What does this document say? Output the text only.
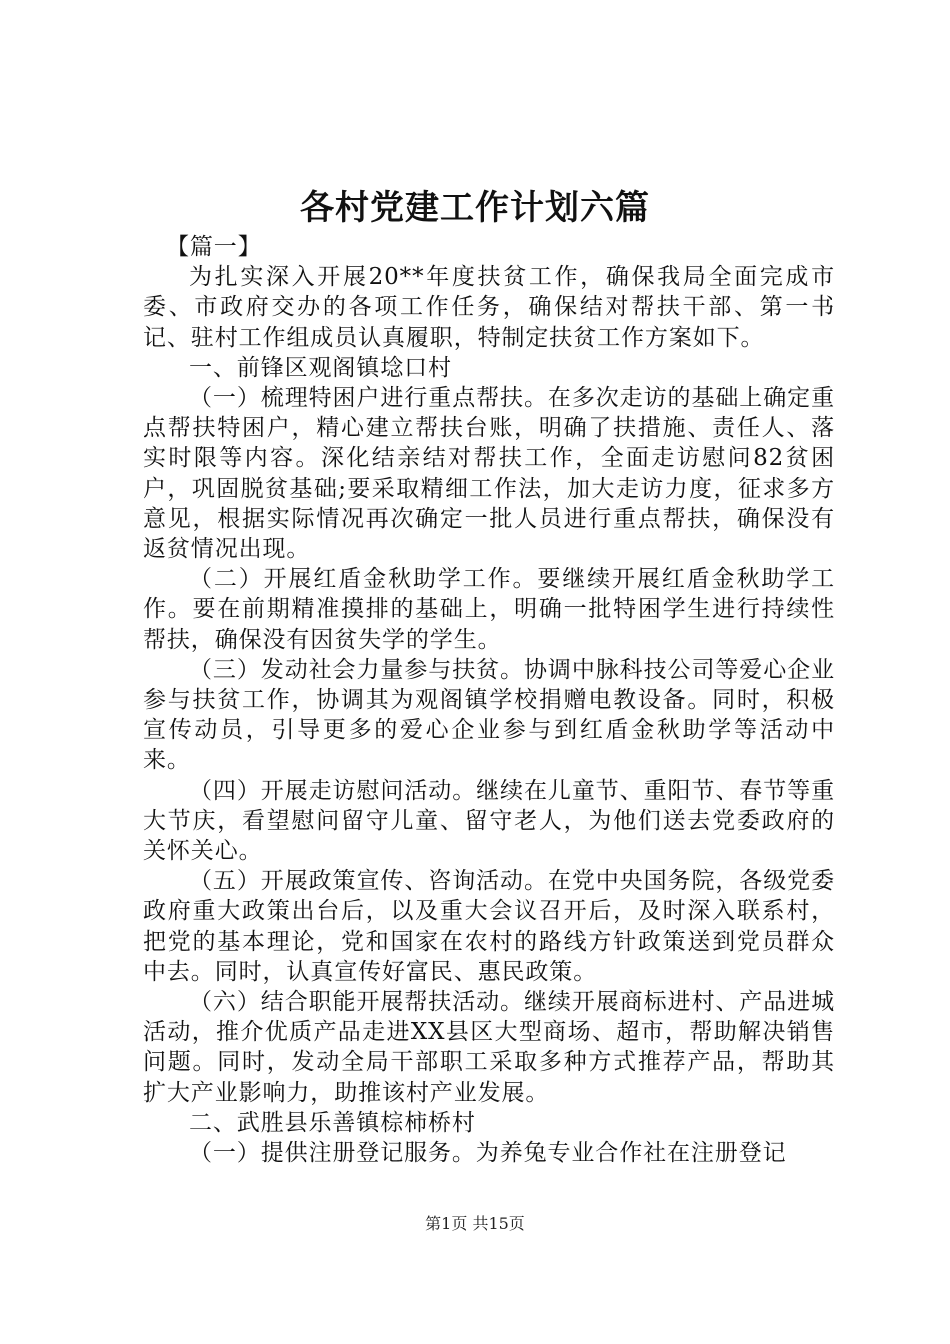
各村党建工作计划六篇

【篇一】

为扎实深入开展20**年度扶贫工作，确保我局全面完成市委、市政府交办的各项工作任务，确保结对帮扶干部、第一书记、驻村工作组成员认真履职，特制定扶贫工作方案如下。

一、前锋区观阁镇埝口村

（一）梳理特困户进行重点帮扶。在多次走访的基础上确定重点帮扶特困户，精心建立帮扶台账，明确了扶措施、责任人、落实时限等内容。深化结亲结对帮扶工作，全面走访慰问82贫困户，巩固脱贫基础;要采取精细工作法，加大走访力度，征求多方意见，根据实际情况再次确定一批人员进行重点帮扶，确保没有返贫情况出现。

（二）开展红盾金秋助学工作。要继续开展红盾金秋助学工作。要在前期精准摸排的基础上，明确一批特困学生进行持续性帮扶，确保没有因贫失学的学生。

（三）发动社会力量参与扶贫。协调中脉科技公司等爱心企业参与扶贫工作，协调其为观阁镇学校捐赠电教设备。同时，积极宣传动员，引导更多的爱心企业参与到红盾金秋助学等活动中来。

（四）开展走访慰问活动。继续在儿童节、重阳节、春节等重大节庆，看望慰问留守儿童、留守老人，为他们送去党委政府的关怀关心。

（五）开展政策宣传、咨询活动。在党中央国务院，各级党委政府重大政策出台后，以及重大会议召开后，及时深入联系村，把党的基本理论，党和国家在农村的路线方针政策送到党员群众中去。同时，认真宣传好富民、惠民政策。

（六）结合职能开展帮扶活动。继续开展商标进村、产品进城活动，推介优质产品走进XX县区大型商场、超市，帮助解决销售问题。同时，发动全局干部职工采取多种方式推荐产品，帮助其扩大产业影响力，助推该村产业发展。

二、武胜县乐善镇棕柿桥村

（一）提供注册登记服务。为养兔专业合作社在注册登记

第1页 共15页
